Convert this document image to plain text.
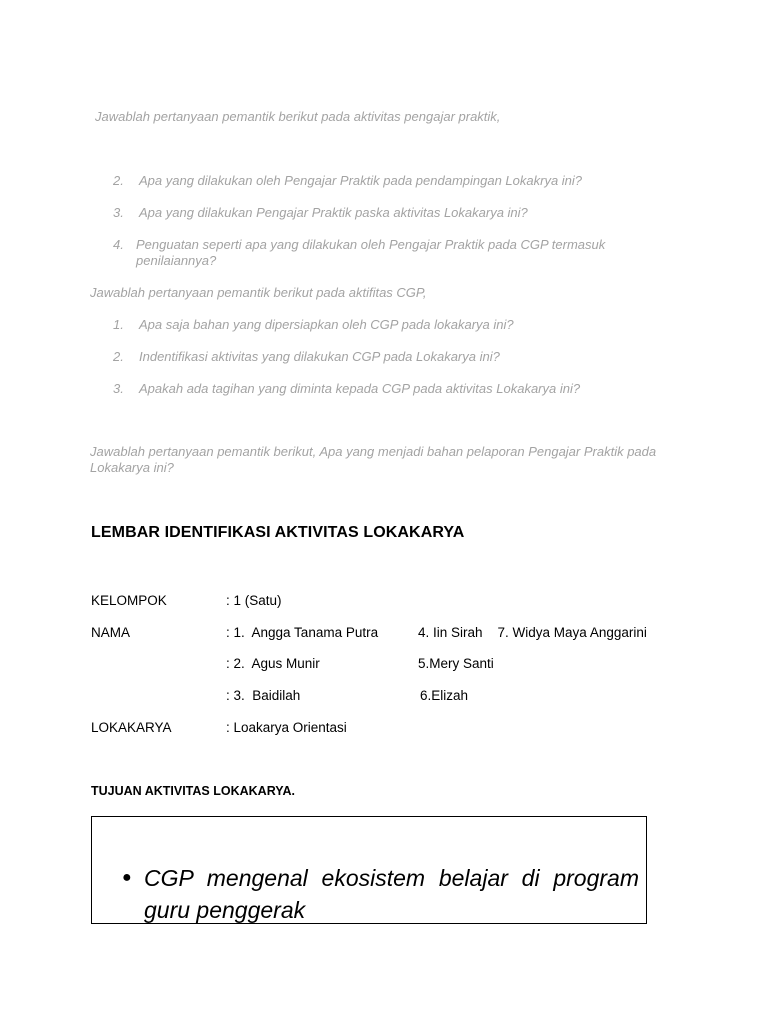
Jawablah pertanyaan pemantik berikut pada aktivitas pengajar praktik,
2.	Apa yang dilakukan oleh Pengajar Praktik pada pendampingan Lokakrya ini?
3.	Apa yang dilakukan Pengajar Praktik paska aktivitas Lokakarya ini?
4. Penguatan seperti apa yang dilakukan oleh Pengajar Praktik pada CGP termasuk penilaiannya?
Jawablah pertanyaan pemantik berikut pada aktifitas CGP,
1.	Apa saja bahan yang dipersiapkan oleh CGP pada lokakarya ini?
2.	Indentifikasi aktivitas yang dilakukan CGP pada Lokakarya ini?
3.	Apakah ada tagihan yang diminta kepada CGP pada aktivitas Lokakarya ini?
Jawablah pertanyaan pemantik berikut, Apa yang menjadi bahan pelaporan Pengajar Praktik pada Lokakarya ini?
LEMBAR IDENTIFIKASI AKTIVITAS LOKAKARYA
KELOMPOK	: 1 (Satu)
NAMA	: 1.  Angga Tanama Putra	4. Iin Sirah    7. Widya Maya Anggarini
: 2.  Agus Munir	5.Mery Santi
: 3.  Baidilah	6.Elizah
LOKAKARYA	: Loakarya Orientasi
TUJUAN AKTIVITAS LOKAKARYA.
● CGP mengenal ekosistem belajar di program guru penggerak
